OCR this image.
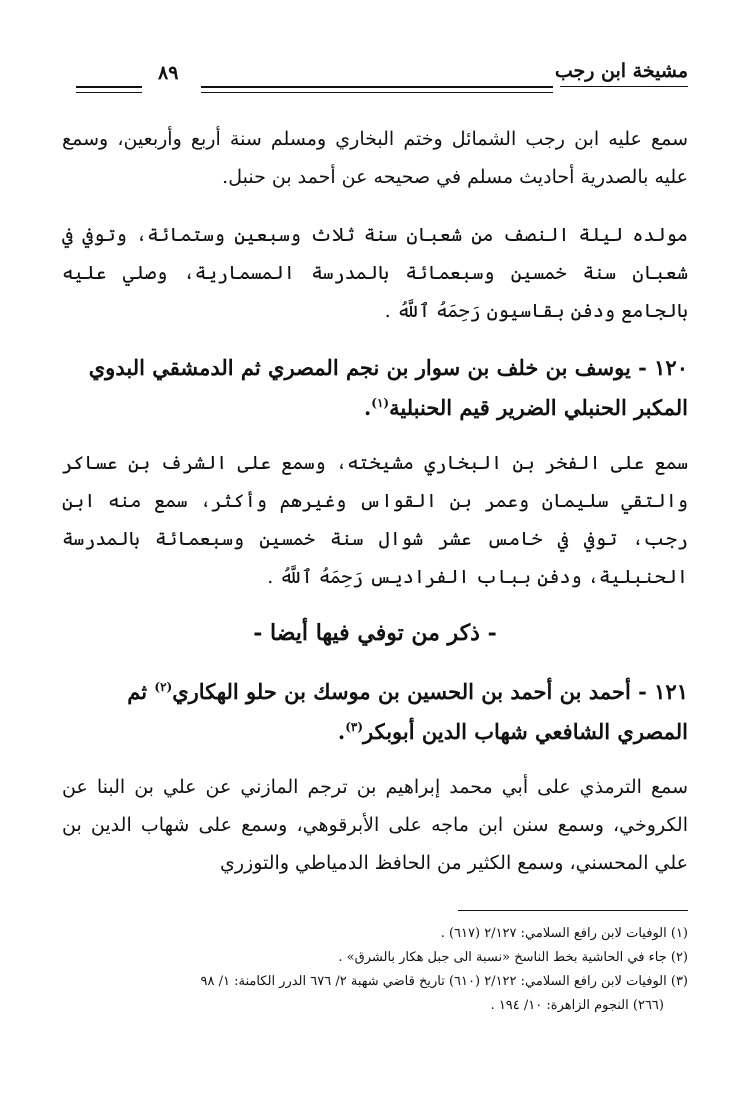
مشيخة ابن رجب
٨٩

سمع عليه ابن رجب الشمائل وختم البخاري ومسلم سنة أربع وأربعين، وسمع عليه بالصدرية أحاديث مسلم في صحيحه عن أحمد بن حنبل.

مولده ليلة النصف من شعبان سنة ثلاث وسبعين وستمائة، وتوفي في شعبان سنة خمسين وسبعمائة بالمدرسة المسمارية، وصلي عليه بالجامع ودفن بقاسيون رَحِمَهُ ٱللَّهُ .

١٢٠ - يوسف بن خلف بن سوار بن نجم المصري ثم الدمشقي البدوي المكبر الحنبلي الضرير قيم الحنبلية$^{(١)}$.

سمع على الفخر بن البخاري مشيخته، وسمع على الشرف بن عساكر والتقي سليمان وعمر بن القواس وغيرهم وأكثر، سمع منه ابن رجب، توفي في خامس عشر شوال سنة خمسين وسبعمائة بالمدرسة الحنبلية، ودفن بباب الفراديس رَحِمَهُ ٱللَّهُ .

- ذكر من توفي فيها أيضا -

١٢١ - أحمد بن أحمد بن الحسين بن موسك بن حلو الهكاري$^{(٢)}$ ثم المصري الشافعي شهاب الدين أبوبكر$^{(٣)}$.

سمع الترمذي على أبي محمد إبراهيم بن ترجم المازني عن علي بن البنا عن الكروخي، وسمع سنن ابن ماجه على الأبرقوهي، وسمع على شهاب الدين بن علي المحسني، وسمع الكثير من الحافظ الدمياطي والتوزري

(١) الوفيات لابن رافع السلامي: ٢/١٢٧ (٦١٧) .
(٢) جاء في الحاشية بخط الناسخ «نسبة الى جبل هكار بالشرق» .
(٣) الوفيات لابن رافع السلامي: ٢/١٢٢ (٦١٠) تاريخ قاضي شهبة ٢/ ٦٧٦ الدرر الكامنة: ١/ ٩٨
(٢٦٦) النجوم الزاهرة: ١٠/ ١٩٤ .
